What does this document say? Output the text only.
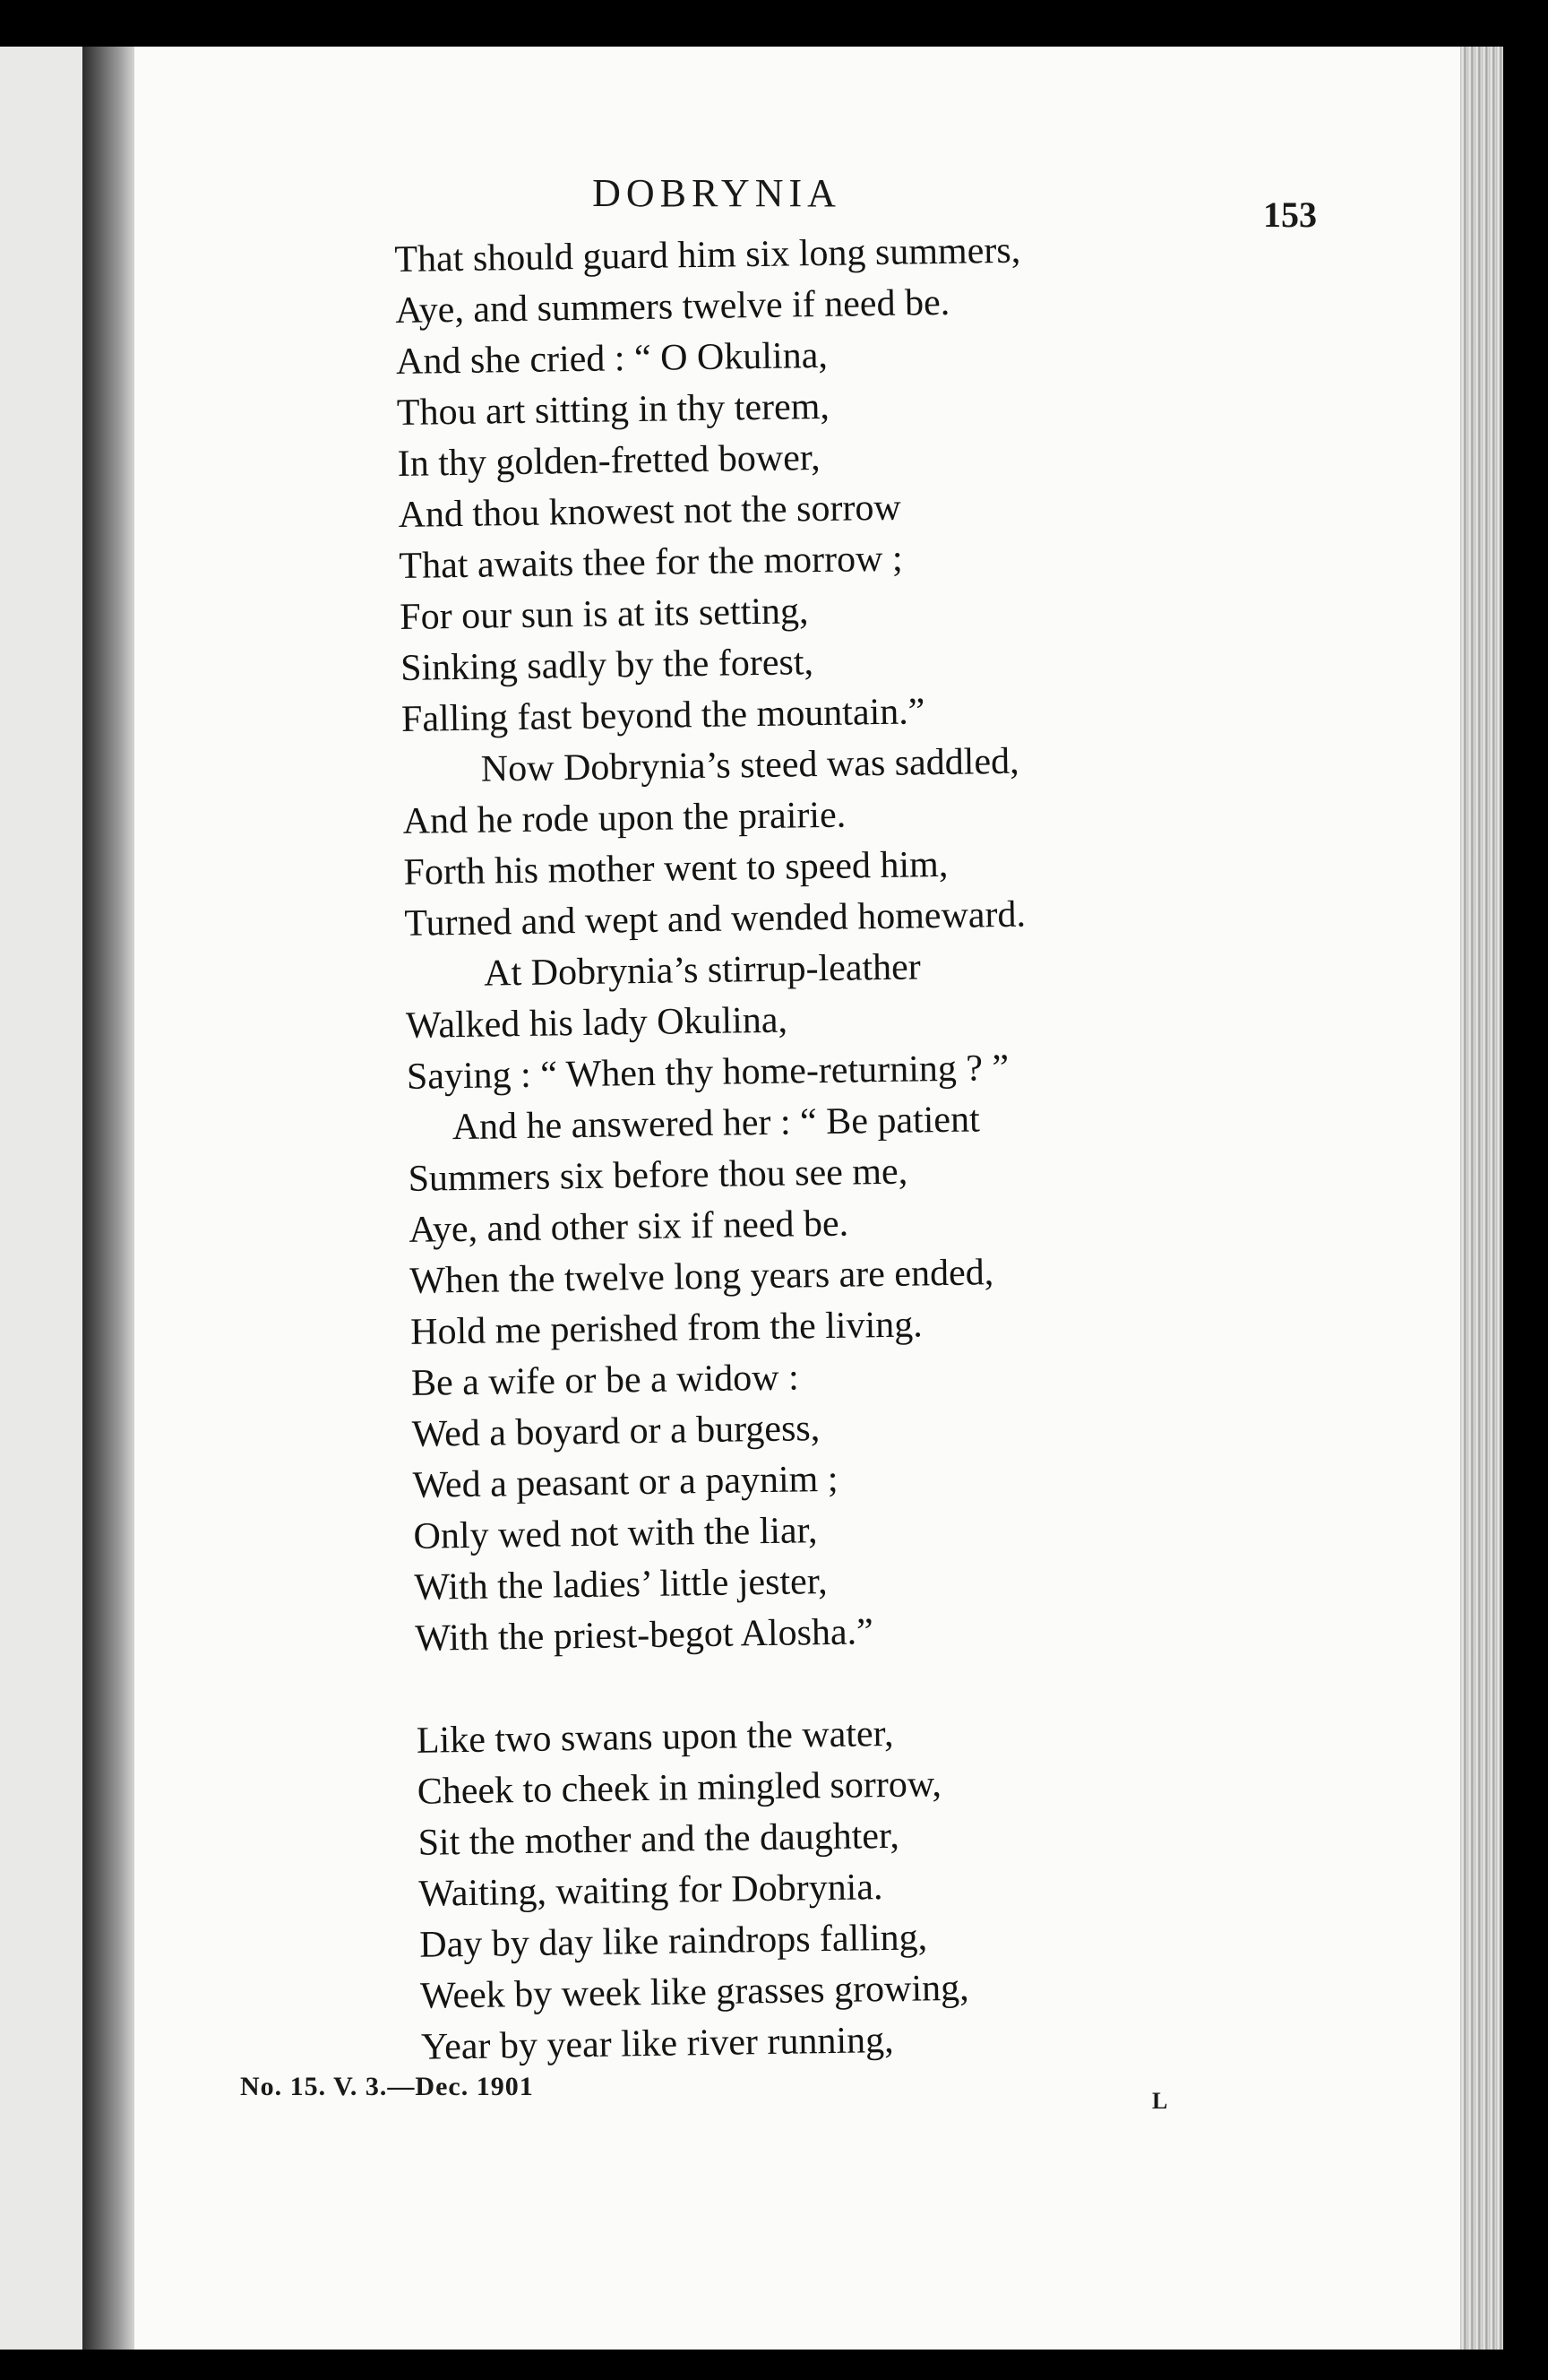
DOBRYNIA	153
That should guard him six long summers,
Aye, and summers twelve if need be.
And she cried : “ O Okulina,
Thou art sitting in thy terem,
In thy golden-fretted bower,
And thou knowest not the sorrow
That awaits thee for the morrow ;
For our sun is at its setting,
Sinking sadly by the forest,
Falling fast beyond the mountain.”
Now Dobrynia’s steed was saddled,
And he rode upon the prairie.
Forth his mother went to speed him,
Turned and wept and wended homeward.
At Dobrynia’s stirrup-leather
Walked his lady Okulina,
Saying : “ When thy home-returning ? ”
And he answered her : “ Be patient
Summers six before thou see me,
Aye, and other six if need be.
When the twelve long years are ended,
Hold me perished from the living.
Be a wife or be a widow :
Wed a boyard or a burgess,
Wed a peasant or a paynim ;
Only wed not with the liar,
With the ladies’ little jester,
With the priest-begot Alosha.”
Like two swans upon the water,
Cheek to cheek in mingled sorrow,
Sit the mother and the daughter,
Waiting, waiting for Dobrynia.
Day by day like raindrops falling,
Week by week like grasses growing,
Year by year like river running,
No. 15. V. 3.—Dec. 1901	L
